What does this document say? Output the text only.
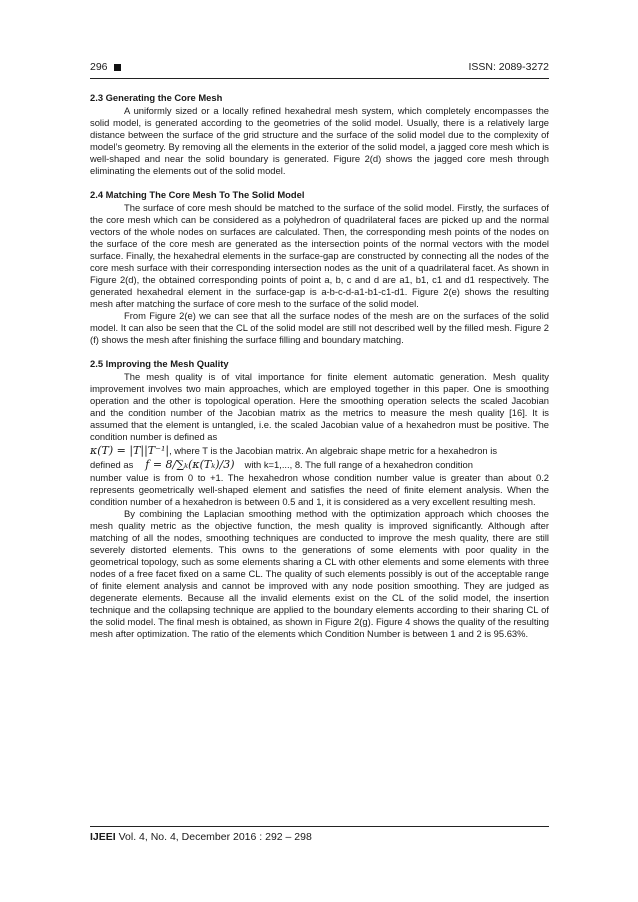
296	ISSN: 2089-3272
2.3 Generating the Core Mesh

A uniformly sized or a locally refined hexahedral mesh system, which completely encompasses the solid model, is generated according to the geometries of the solid model. Usually, there is a relatively large distance between the surface of the grid structure and the surface of the solid model due to the complexity of model’s geometry. By removing all the elements in the exterior of the solid model, a jagged core mesh which is well-shaped and near the solid boundary is generated. Figure 2(d) shows the jagged core mesh through eliminating the elements out of the solid model.

2.4 Matching The Core Mesh To The Solid Model

The surface of core mesh should be matched to the surface of the solid model. Firstly, the surfaces of the core mesh which can be considered as a polyhedron of quadrilateral faces are picked up and the normal vectors of the whole nodes on surfaces are calculated. Then, the corresponding mesh points of the nodes on the surface of the core mesh are generated as the intersection points of the normal vectors with the model surface. Finally, the hexahedral elements in the surface-gap are constructed by connecting all the nodes of the core mesh surface with their corresponding intersection nodes as the unit of a quadrilateral facet. As shown in Figure 2(d), the obtained corresponding points of point a, b, c and d are a1, b1, c1 and d1 respectively. The generated hexahedral element in the surface-gap is a-b-c-d-a1-b1-c1-d1. Figure 2(e) shows the resulting mesh after matching the surface of core mesh to the surface of the solid model.

From Figure 2(e) we can see that all the surface nodes of the mesh are on the surfaces of the solid model. It can also be seen that the CL of the solid model are still not described well by the filled mesh. Figure 2 (f) shows the mesh after finishing the surface filling and boundary matching.

2.5 Improving the Mesh Quality

The mesh quality is of vital importance for finite element automatic generation. Mesh quality improvement involves two main approaches, which are employed together in this paper. One is smoothing operation and the other is topological operation. Here the smoothing operation selects the scaled Jacobian and the condition number of the Jacobian matrix as the metrics to measure the mesh quality [16]. It is assumed that the element is untangled, i.e. the scaled Jacobian value of a hexahedron must be positive. The condition number is defined as

κ(T) = |T||T⁻¹| , where T is the Jacobian matrix. An algebraic shape metric for a hexahedron is
defined as f = 8/∑ₖ(κ(Tₖ)/3) with k=1,..., 8. The full range of a hexahedron condition

number value is from 0 to +1. The hexahedron whose condition number value is greater than about 0.2 represents geometrically well-shaped element and satisfies the need of finite element analysis. When the condition number of a hexahedron is between 0.5 and 1, it is considered as a very excellent resulting mesh.

By combining the Laplacian smoothing method with the optimization approach which chooses the mesh quality metric as the objective function, the mesh quality is improved significantly. Although after matching of all the nodes, smoothing techniques are conducted to improve the mesh quality, there are still severely distorted elements. This owns to the generations of some elements with poor quality in the geometrical topology, such as some elements sharing a CL with other elements and some elements with three nodes of a free facet fixed on a same CL. The quality of such elements possibly is out of the acceptable range of finite element analysis and cannot be improved with any node position smoothing. They are judged as degenerate elements. Because all the invalid elements exist on the CL of the solid model, the insertion technique and the collapsing technique are applied to the boundary elements according to their sharing CL of the solid model. The final mesh is obtained, as shown in Figure 2(g). Figure 4 shows the quality of the resulting mesh after optimization. The ratio of the elements which Condition Number is between 1 and 2 is 95.63%.

IJEEI Vol. 4, No. 4, December 2016 : 292 – 298
